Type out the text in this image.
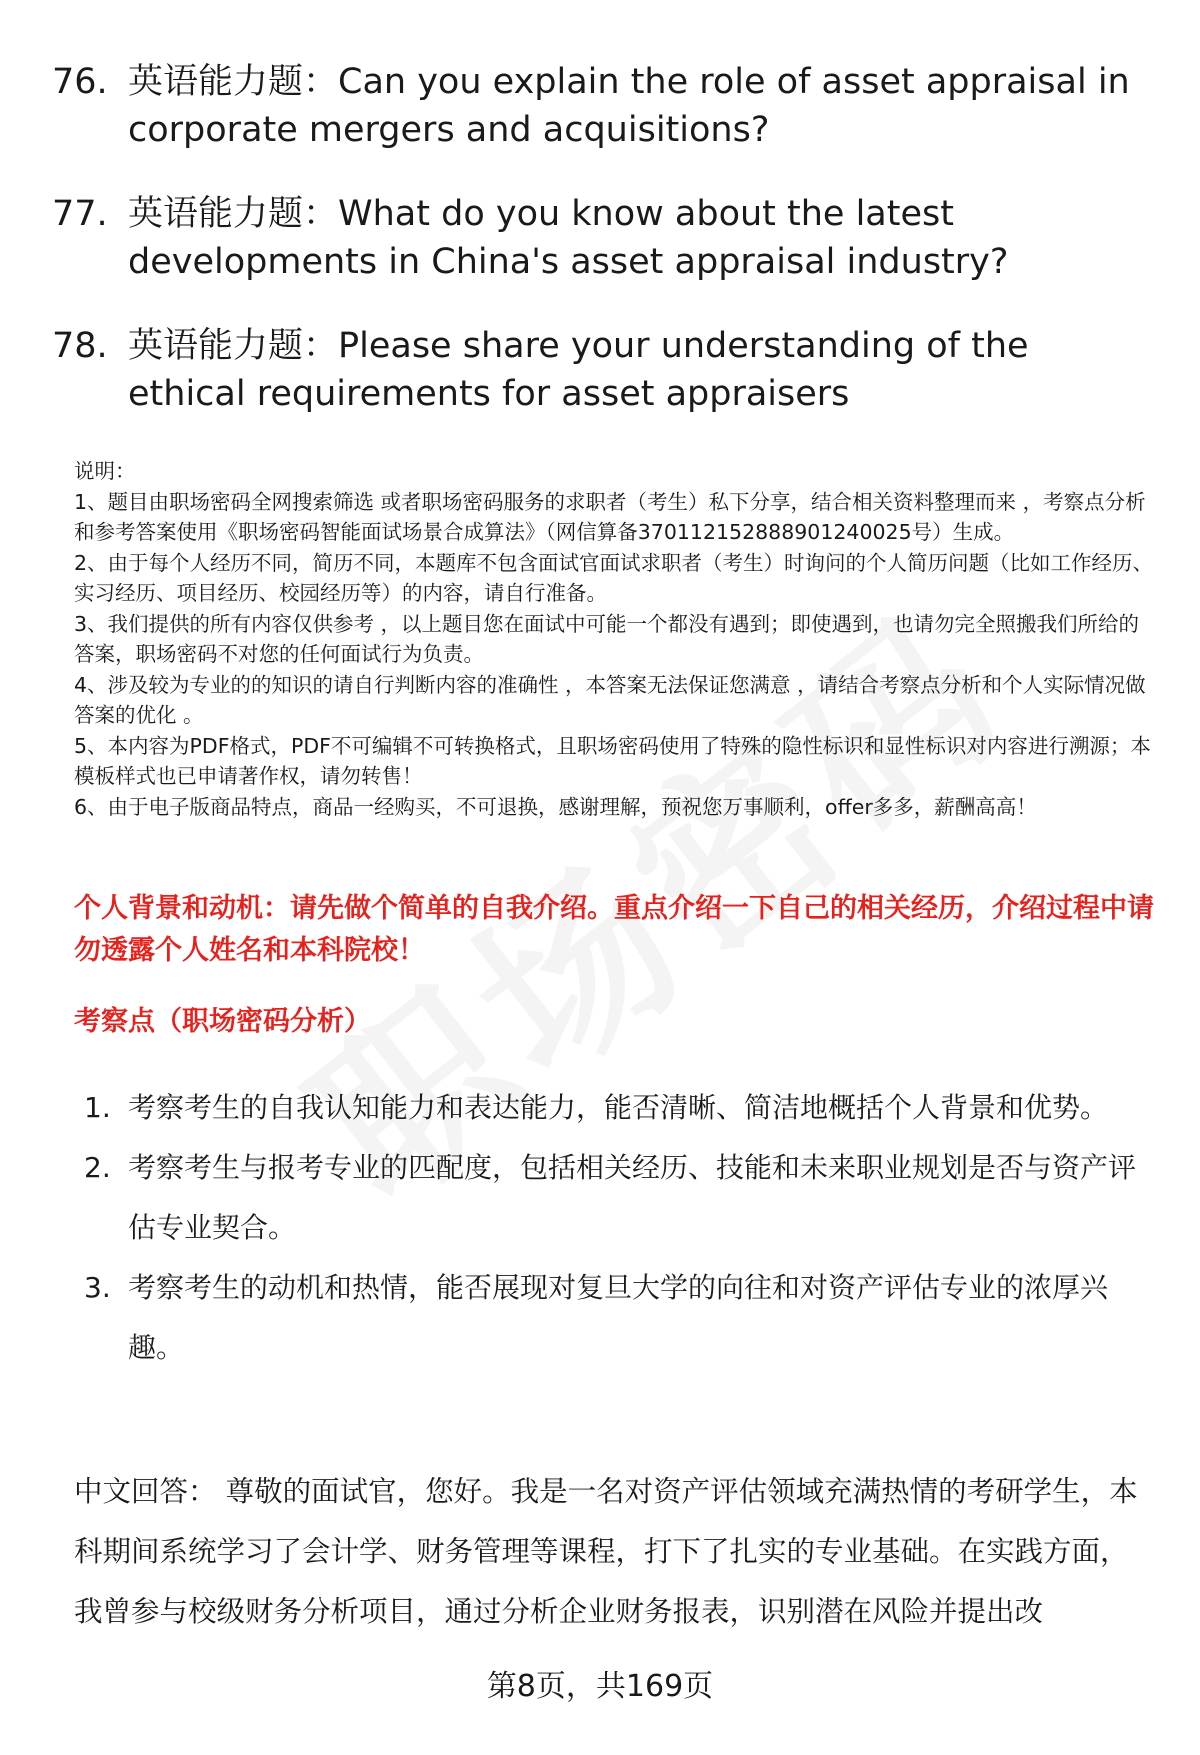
76. 英语能力题：Can you explain the role of asset appraisal in corporate mergers and acquisitions?
77. 英语能力题：What do you know about the latest developments in China's asset appraisal industry?
78. 英语能力题：Please share your understanding of the ethical requirements for asset appraisers

说明：

1、题目由职场密码全网搜索筛选 或者职场密码服务的求职者（考生）私下分享，结合相关资料整理而来 ，考察点分析和参考答案使用《职场密码智能面试场景合成算法》（网信算备370112152888901240025号）生成。

2、由于每个人经历不同，简历不同，本题库不包含面试官面试求职者（考生）时询问的个人简历问题（比如工作经历、实习经历、项目经历、校园经历等）的内容，请自行准备。

3、我们提供的所有内容仅供参考 ，以上题目您在面试中可能一个都没有遇到；即使遇到，也请勿完全照搬我们所给的答案，职场密码不对您的任何面试行为负责。

4、涉及较为专业的的知识的请自行判断内容的准确性 ，本答案无法保证您满意 ，请结合考察点分析和个人实际情况做答案的优化 。

5、本内容为PDF格式，PDF不可编辑不可转换格式，且职场密码使用了特殊的隐性标识和显性标识对内容进行溯源；本模板样式也已申请著作权，请勿转售！

6、由于电子版商品特点，商品一经购买，不可退换，感谢理解，预祝您万事顺利，offer多多，薪酬高高！

个人背景和动机：请先做个简单的自我介绍。重点介绍一下自己的相关经历，介绍过程中请勿透露个人姓名和本科院校！
考察点（职场密码分析）
1. 考察考生的自我认知能力和表达能力，能否清晰、简洁地概括个人背景和优势。
2. 考察考生与报考专业的匹配度，包括相关经历、技能和未来职业规划是否与资产评估专业契合。
3. 考察考生的动机和热情，能否展现对复旦大学的向往和对资产评估专业的浓厚兴趣。
中文回答： 尊敬的面试官，您好。我是一名对资产评估领域充满热情的考研学生，本科期间系统学习了会计学、财务管理等课程，打下了扎实的专业基础。在实践方面，我曾参与校级财务分析项目，通过分析企业财务报表，识别潜在风险并提出改
第8页，共169页
